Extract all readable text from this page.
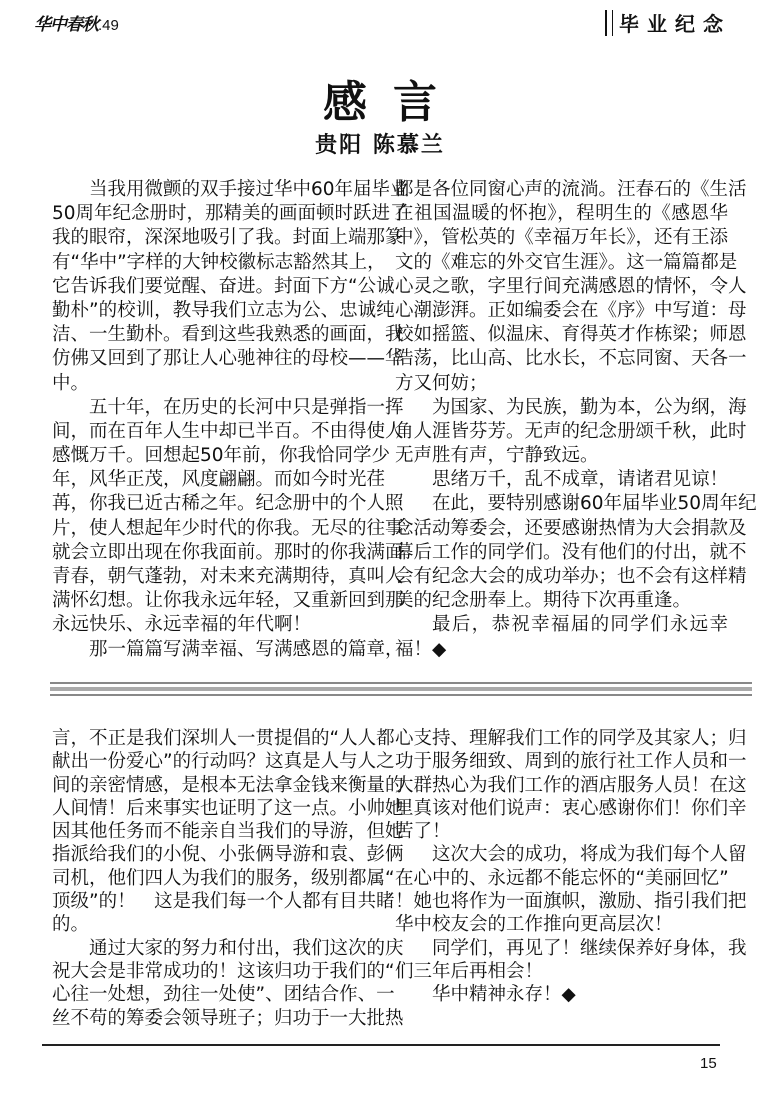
华中春秋.49	毕业纪念
感言
贵阳 陈慕兰
当我用微颤的双手接过华中60年届毕业
50周年纪念册时，那精美的画面顿时跃进了
我的眼帘，深深地吸引了我。封面上端那篆
有“华中”字样的大钟校徽标志豁然其上，
它告诉我们要觉醒、奋进。封面下方“公诚
勤朴”的校训，教导我们立志为公、忠诚纯
洁、一生勤朴。看到这些我熟悉的画面，我
仿佛又回到了那让人心驰神往的母校——华
中。
五十年，在历史的长河中只是弹指一挥
间，而在百年人生中却已半百。不由得使人
感慨万千。回想起50年前，你我恰同学少
年，风华正茂，风度翩翩。而如今时光荏
苒，你我已近古稀之年。纪念册中的个人照
片，使人想起年少时代的你我。无尽的往事
就会立即出现在你我面前。那时的你我满面
青春，朝气蓬勃，对未来充满期待，真叫人
满怀幻想。让你我永远年轻，又重新回到那
永远快乐、永远幸福的年代啊！
那一篇篇写满幸福、写满感恩的篇章，
都是各位同窗心声的流淌。汪春石的《生活
在祖国温暖的怀抱》，程明生的《感恩华
中》，管松英的《幸福万年长》，还有王添
文的《难忘的外交官生涯》。这一篇篇都是
心灵之歌，字里行间充满感恩的情怀，令人
心潮澎湃。正如编委会在《序》中写道：母
校如摇篮、似温床、育得英才作栋梁；师恩
浩荡，比山高、比水长，不忘同窗、天各一
方又何妨；
为国家、为民族，勤为本，公为纲，海
角人涯皆芬芳。无声的纪念册颂千秋，此时
无声胜有声，宁静致远。
思绪万千，乱不成章，请诸君见谅！
在此，要特别感谢60年届毕业50周年纪
念活动筹委会，还要感谢热情为大会捐款及
幕后工作的同学们。没有他们的付出，就不
会有纪念大会的成功举办；也不会有这样精
美的纪念册奉上。期待下次再重逢。
最后，恭祝幸福届的同学们永远幸
福！◆
言，不正是我们深圳人一贯提倡的“人人都
献出一份爱心”的行动吗？这真是人与人之
间的亲密情感，是根本无法拿金钱来衡量的
人间情！后来事实也证明了这一点。小帅她
因其他任务而不能亲自当我们的导游，但她
指派给我们的小倪、小张俩导游和袁、彭俩
司机，他们四人为我们的服务，级别都属“
顶级”的！　这是我们每一个人都有目共睹
的。
通过大家的努力和付出，我们这次的庆
祝大会是非常成功的！这该归功于我们的“
心往一处想，劲往一处使”、团结合作、一
丝不苟的筹委会领导班子；归功于一大批热
心支持、理解我们工作的同学及其家人；归
功于服务细致、周到的旅行社工作人员和一
大群热心为我们工作的酒店服务人员！在这
里真该对他们说声：衷心感谢你们！你们辛
苦了！
这次大会的成功，将成为我们每个人留
在心中的、永远都不能忘怀的“美丽回忆”
！她也将作为一面旗帜，激励、指引我们把
华中校友会的工作推向更高层次！
同学们，再见了！继续保养好身体，我
们三年后再相会！
华中精神永存！◆
15
